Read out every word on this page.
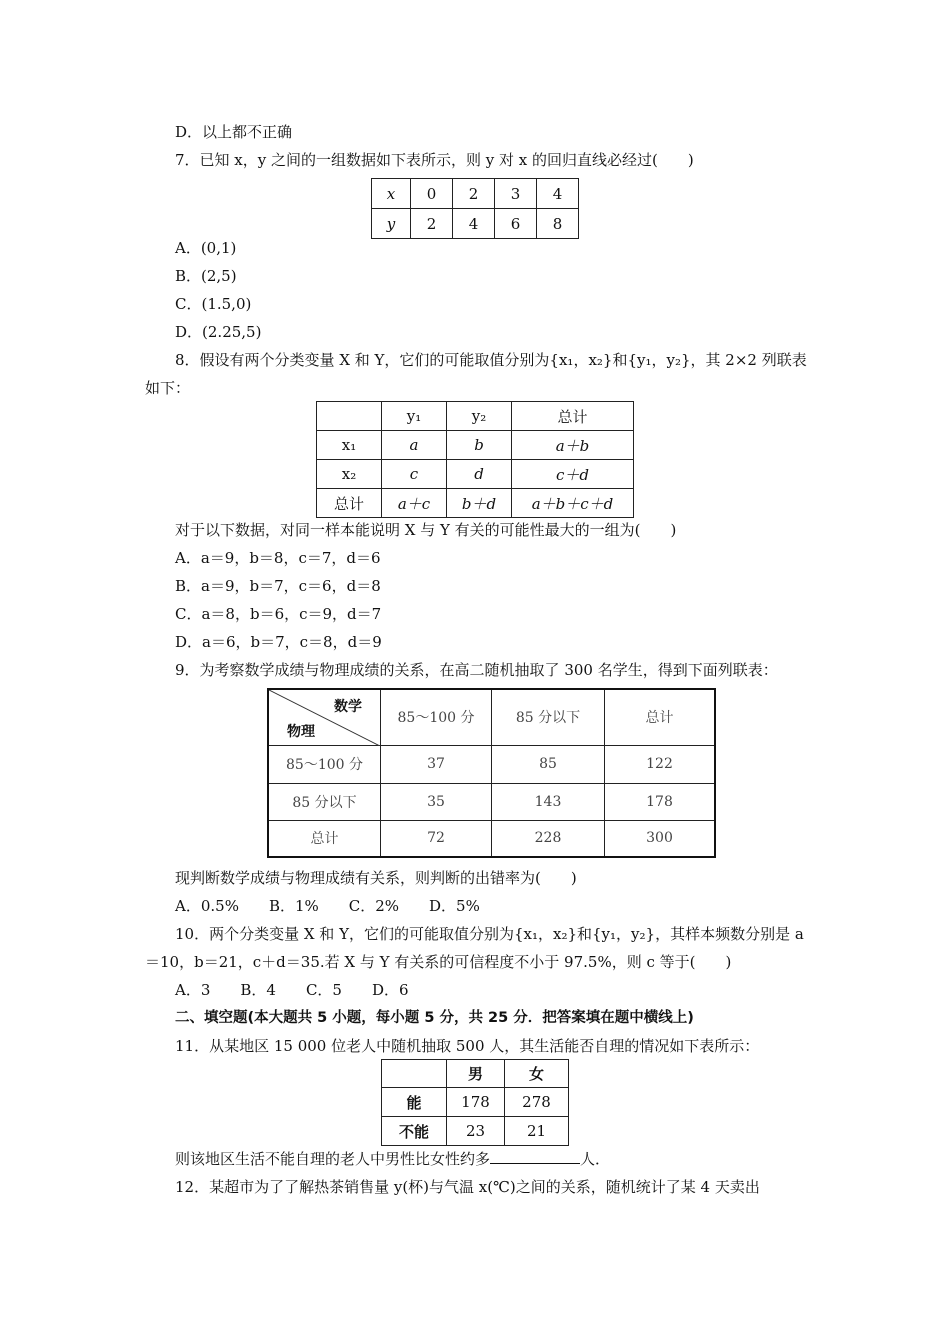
D．以上都不正确
7．已知 x，y 之间的一组数据如下表所示，则 y 对 x 的回归直线必经过(　　)
x	0	2	3	4
y	2	4	6	8
A．(0,1)
B．(2,5)
C．(1.5,0)
D．(2.25,5)
8．假设有两个分类变量 X 和 Y，它们的可能取值分别为{x₁，x₂}和{y₁，y₂}，其 2×2 列联表
如下：
	y₁	y₂	总计
x₁	a	b	a＋b
x₂	c	d	c＋d
总计	a＋c	b＋d	a＋b＋c＋d
对于以下数据，对同一样本能说明 X 与 Y 有关的可能性最大的一组为(　　)
A．a＝9，b＝8，c＝7，d＝6
B．a＝9，b＝7，c＝6，d＝8
C．a＝8，b＝6，c＝9，d＝7
D．a＝6，b＝7，c＝8，d＝9
9．为考察数学成绩与物理成绩的关系，在高二随机抽取了 300 名学生，得到下面列联表：
数学
物理	85～100 分	85 分以下	总计
85～100 分	37	85	122
85 分以下	35	143	178
总计	72	228	300
现判断数学成绩与物理成绩有关系，则判断的出错率为(　　)
A．0.5%　　B．1%　　C．2%　　D．5%
10．两个分类变量 X 和 Y，它们的可能取值分别为{x₁，x₂}和{y₁，y₂}，其样本频数分别是 a
＝10，b＝21，c＋d＝35.若 X 与 Y 有关系的可信程度不小于 97.5%，则 c 等于(　　)
A．3　　B．4　　C．5　　D．6
二、填空题(本大题共 5 小题，每小题 5 分，共 25 分．把答案填在题中横线上)
11．从某地区 15 000 位老人中随机抽取 500 人，其生活能否自理的情况如下表所示：
	男	女
能	178	278
不能	23	21
则该地区生活不能自理的老人中男性比女性约多	人．
12．某超市为了了解热茶销售量 y(杯)与气温 x(℃)之间的关系，随机统计了某 4 天卖出
